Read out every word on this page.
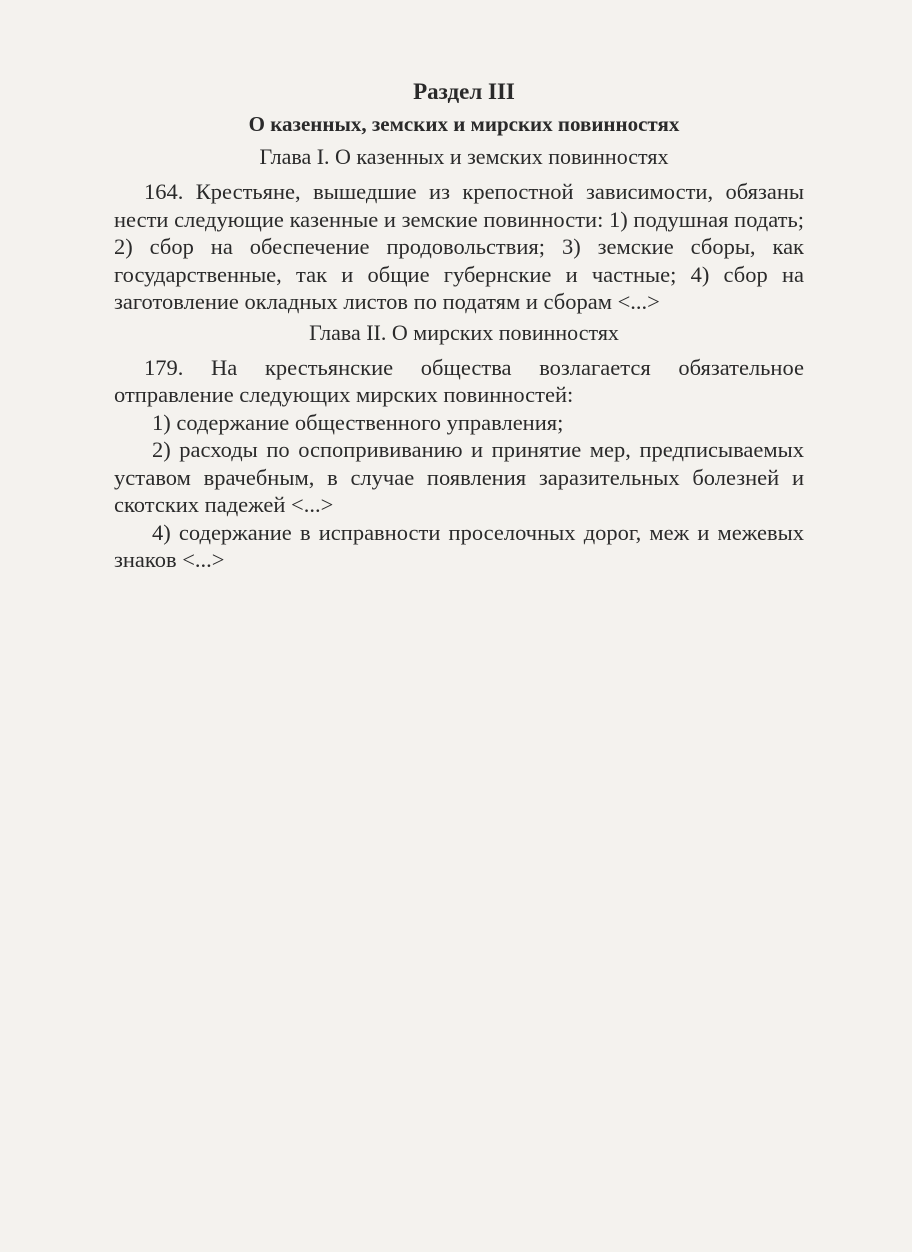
Раздел III

О казенных, земских и мирских повинностях

Глава I. О казенных и земских повинностях

164. Крестьяне, вышедшие из крепостной зависимости, обязаны нести следующие казенные и земские повинности: 1) подушная подать; 2) сбор на обеспечение продовольствия; 3) земские сборы, как государственные, так и общие губернские и частные; 4) сбор на заготовление окладных листов по податям и сборам <...>

Глава II. О мирских повинностях

179. На крестьянские общества возлагается обязательное отправление следующих мирских повинностей:

1) содержание общественного управления;

2) расходы по оспопрививанию и принятие мер, предписываемых уставом врачебным, в случае появления заразительных болезней и скотских падежей <...>

4) содержание в исправности проселочных дорог, меж и межевых знаков <...>
